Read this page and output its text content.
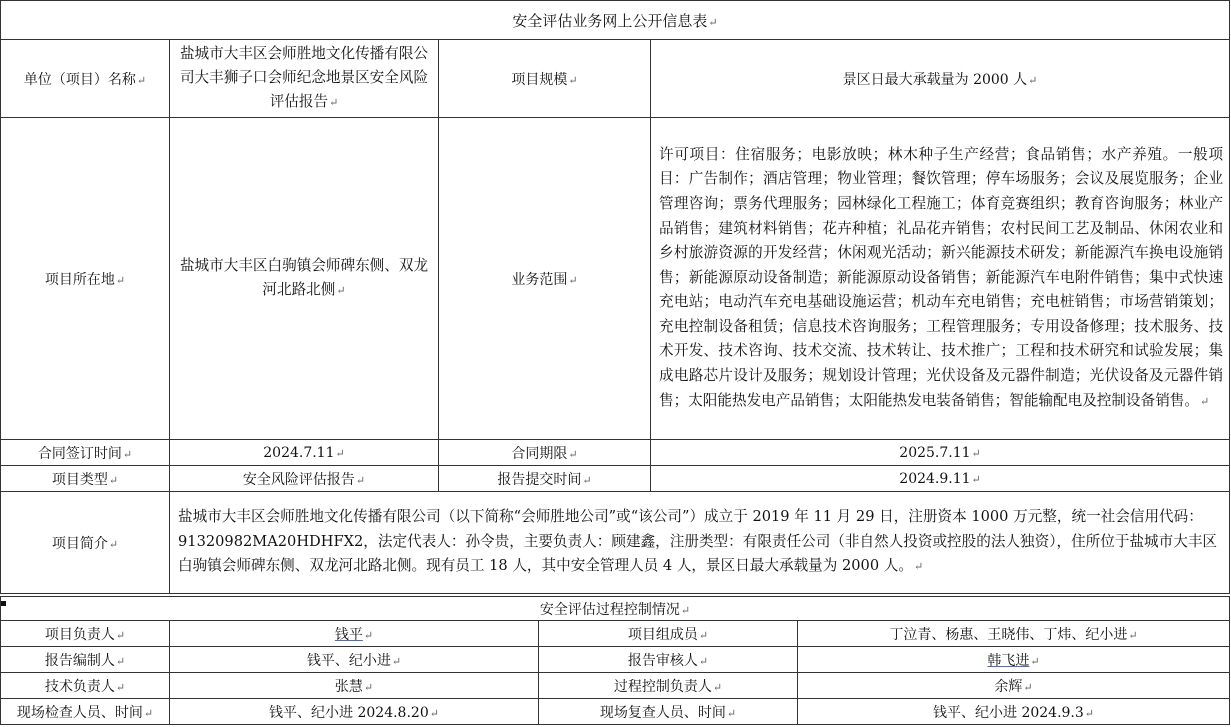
安全评估业务网上公开信息表↵			
单位（项目）名称↵	盐城市大丰区会师胜地文化传播有限公司大丰狮子口会师纪念地景区安全风险评估报告↵	项目规模↵	景区日最大承载量为 2000 人↵
项目所在地↵	盐城市大丰区白驹镇会师碑东侧、双龙河北路北侧↵	业务范围↵	许可项目：住宿服务；电影放映；林木种子生产经营；食品销售；水产养殖。一般项目：广告制作；酒店管理；物业管理；餐饮管理；停车场服务；会议及展览服务；企业管理咨询；票务代理服务；园林绿化工程施工；体育竞赛组织；教育咨询服务；林业产品销售；建筑材料销售；花卉种植；礼品花卉销售；农村民间工艺及制品、休闲农业和乡村旅游资源的开发经营；休闲观光活动；新兴能源技术研发；新能源汽车换电设施销售；新能源原动设备制造；新能源原动设备销售；新能源汽车电附件销售；集中式快速充电站；电动汽车充电基础设施运营；机动车充电销售；充电桩销售；市场营销策划；充电控制设备租赁；信息技术咨询服务；工程管理服务；专用设备修理；技术服务、技术开发、技术咨询、技术交流、技术转让、技术推广；工程和技术研究和试验发展；集成电路芯片设计及服务；规划设计管理；光伏设备及元器件制造；光伏设备及元器件销售；太阳能热发电产品销售；太阳能热发电装备销售；智能输配电及控制设备销售。↵
合同签订时间↵	2024.7.11↵	合同期限↵	2025.7.11↵
项目类型↵	安全风险评估报告↵	报告提交时间↵	2024.9.11↵
项目简介↵	盐城市大丰区会师胜地文化传播有限公司（以下简称“会师胜地公司”或“该公司”）成立于 2019 年 11 月 29 日，注册资本 1000 万元整，统一社会信用代码：91320982MA20HDHFX2，法定代表人：孙令贵，主要负责人：顾建鑫，注册类型：有限责任公司（非自然人投资或控股的法人独资），住所位于盐城市大丰区白驹镇会师碑东侧、双龙河北路北侧。现有员工 18 人，其中安全管理人员 4 人，景区日最大承载量为 2000 人。↵		
安全评估过程控制情况↵			
项目负责人↵	钱平↵	项目组成员↵	丁泣青、杨惠、王晓伟、丁炜、纪小进↵
报告编制人↵	钱平、纪小进↵	报告审核人↵	韩飞进↵
技术负责人↵	张慧↵	过程控制负责人↵	余辉↵
现场检查人员、时间↵	钱平、纪小进 2024.8.20↵	现场复查人员、时间↵	钱平、纪小进 2024.9.3↵
